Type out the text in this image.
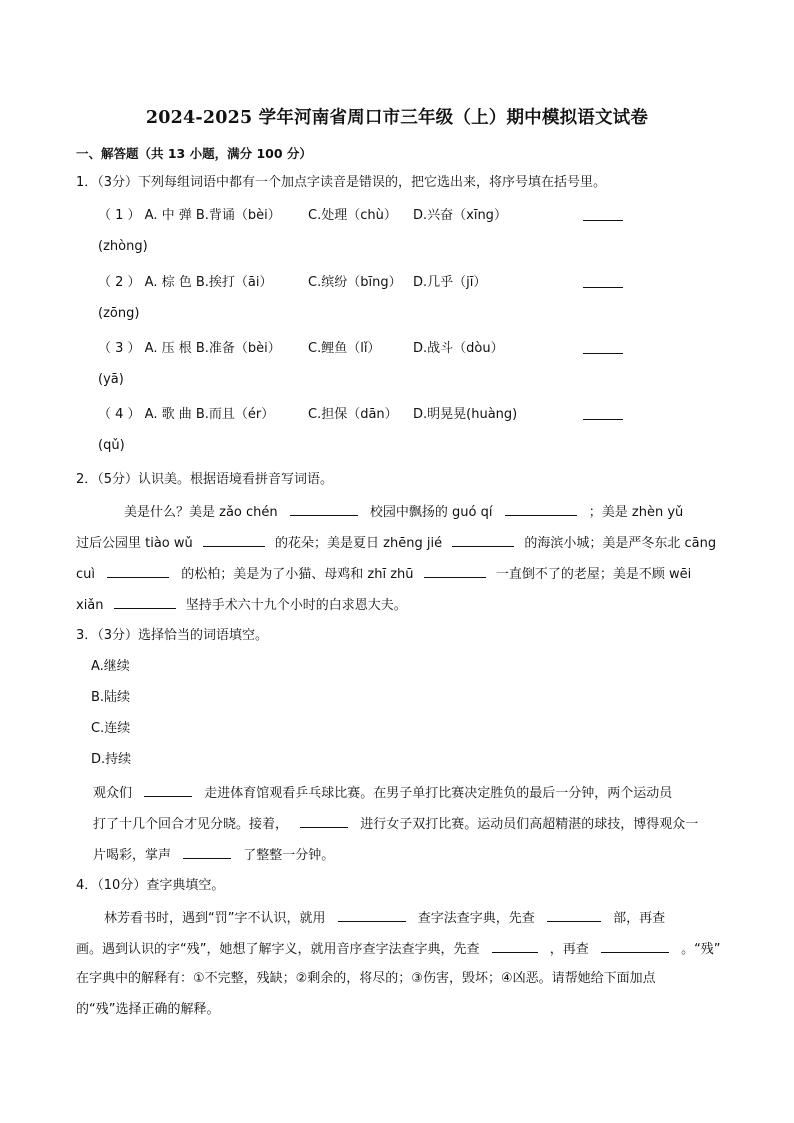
2024-2025 学年河南省周口市三年级（上）期中模拟语文试卷
一、解答题（共 13 小题，满分 100 分）
1．（3分）下列每组词语中都有一个加点字读音是错误的，把它选出来，将序号填在括号里。
（ 1 ） A. 中 弹 B.背诵（bèi） C.处理（chù） D.兴奋（xīng）
(zhòng)
（ 2 ） A. 棕 色 B.挨打（āi）	C.缤纷（bīng） D.几乎（jī）
(zōng)
（ 3 ） A. 压 根 B.准备（bèi） C.鲤鱼（lǐ）	D.战斗（dòu）
(yā)
（ 4 ） A. 歌 曲 B.而且（ér）	C.担保（dān） D.明晃晃(huàng)
(qǔ)
2．（5分）认识美。根据语境看拼音写词语。
美是什么？美是 zǎo chén	校园中飘扬的 guó qí	；美是 zhèn yǔ
过后公园里 tiào wǔ	的花朵；美是夏日 zhēng jié	的海滨小城；美是严冬东北 cāng
cuì	的松柏；美是为了小猫、母鸡和 zhī zhū	一直倒不了的老屋；美是不顾 wēi
xiǎn	坚持手术六十九个小时的白求恩大夫。
3．（3分）选择恰当的词语填空。
A.继续
B.陆续
C.连续
D.持续
观众们	走进体育馆观看乒乓球比赛。在男子单打比赛决定胜负的最后一分钟，两个运动员
打了十几个回合才见分晓。接着，	进行女子双打比赛。运动员们高超精湛的球技，博得观众一
片喝彩，掌声	了整整一分钟。
4．（10分）查字典填空。
林芳看书时，遇到“罚”字不认识，就用	查字法查字典，先查	部，再查
画。遇到认识的字“残”，她想了解字义，就用音序查字法查字典，先查	，再查	。“残”
在字典中的解释有：①不完整，残缺；②剩余的，将尽的；③伤害，毁坏；④凶恶。请帮她给下面加点
的“残”选择正确的解释。
